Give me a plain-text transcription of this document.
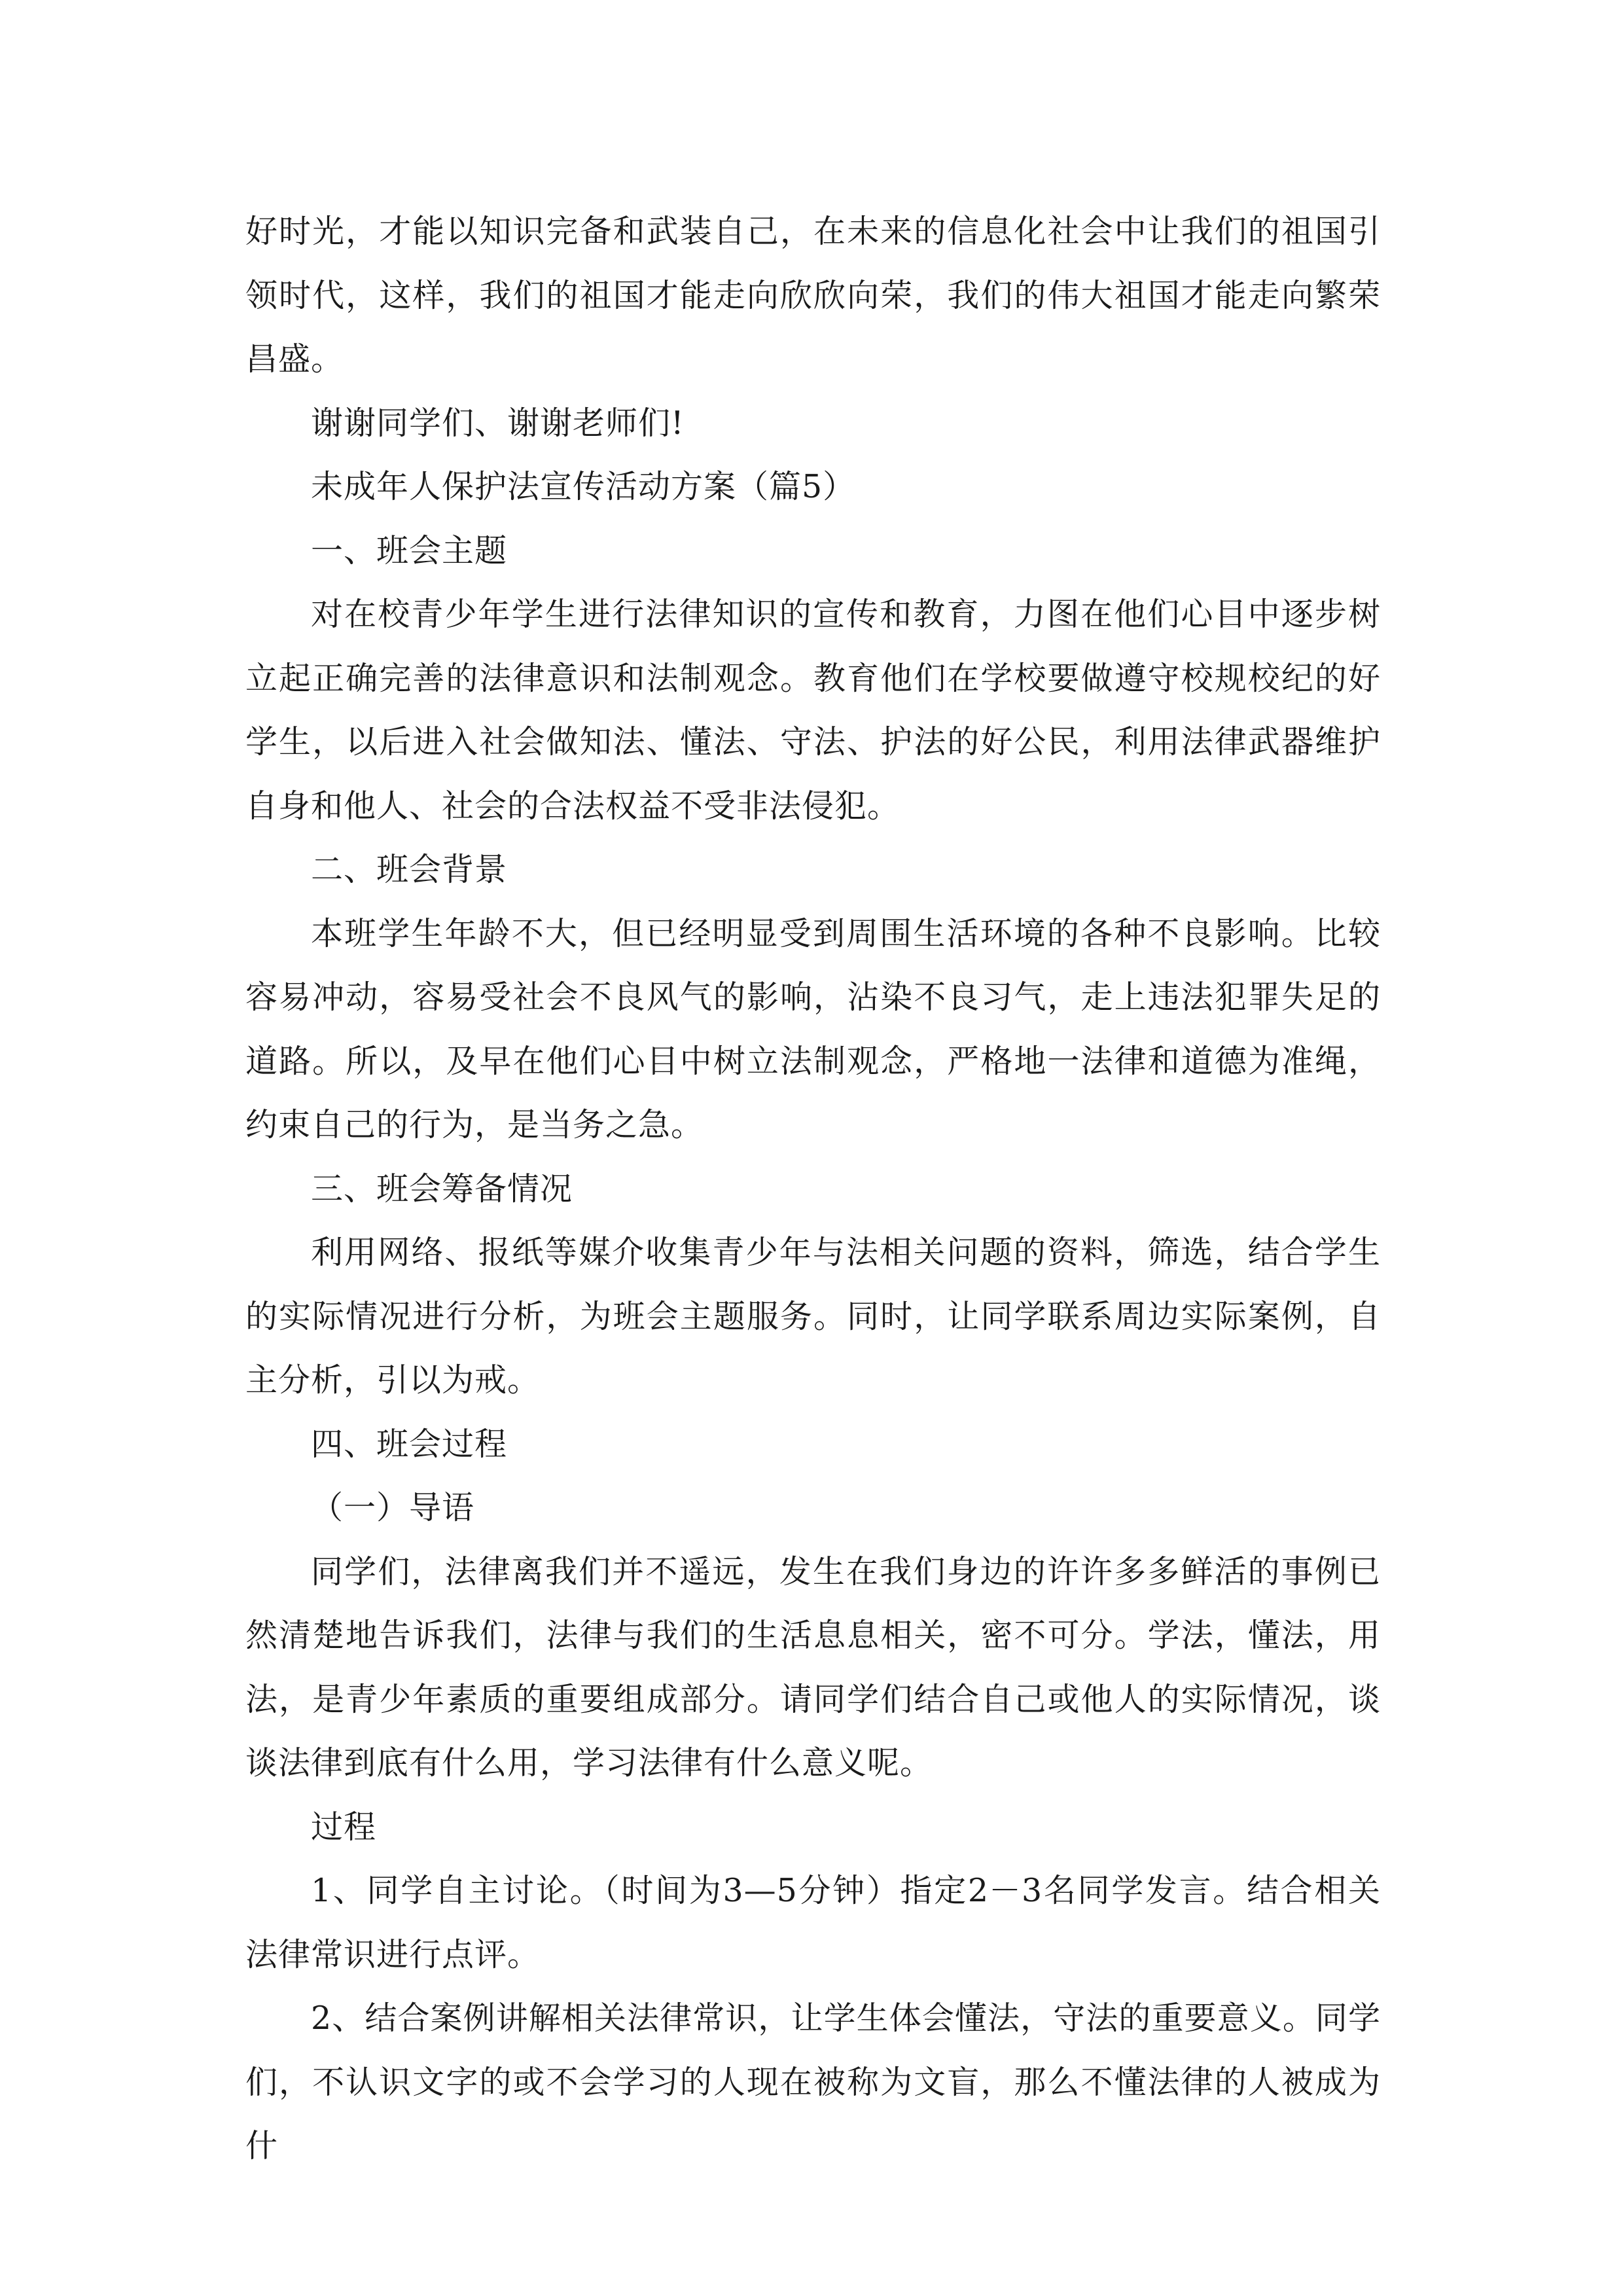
好时光，才能以知识完备和武装自己，在未来的信息化社会中让我们的祖国引领时代，这样，我们的祖国才能走向欣欣向荣，我们的伟大祖国才能走向繁荣昌盛。

谢谢同学们、谢谢老师们!

未成年人保护法宣传活动方案（篇5）

一、班会主题

对在校青少年学生进行法律知识的宣传和教育，力图在他们心目中逐步树立起正确完善的法律意识和法制观念。教育他们在学校要做遵守校规校纪的好学生，以后进入社会做知法、懂法、守法、护法的好公民，利用法律武器维护自身和他人、社会的合法权益不受非法侵犯。

二、班会背景

本班学生年龄不大，但已经明显受到周围生活环境的各种不良影响。比较容易冲动，容易受社会不良风气的影响，沾染不良习气，走上违法犯罪失足的道路。所以，及早在他们心目中树立法制观念，严格地一法律和道德为准绳，约束自己的行为，是当务之急。

三、班会筹备情况

利用网络、报纸等媒介收集青少年与法相关问题的资料，筛选，结合学生的实际情况进行分析，为班会主题服务。同时，让同学联系周边实际案例，自主分析，引以为戒。

四、班会过程

（一）导语

同学们，法律离我们并不遥远，发生在我们身边的许许多多鲜活的事例已然清楚地告诉我们，法律与我们的生活息息相关，密不可分。学法，懂法，用法，是青少年素质的重要组成部分。请同学们结合自己或他人的实际情况，谈谈法律到底有什么用，学习法律有什么意义呢。

过程

1、同学自主讨论。（时间为3—5分钟）指定2－3名同学发言。结合相关法律常识进行点评。

2、结合案例讲解相关法律常识，让学生体会懂法，守法的重要意义。同学们，不认识文字的或不会学习的人现在被称为文盲，那么不懂法律的人被成为什
